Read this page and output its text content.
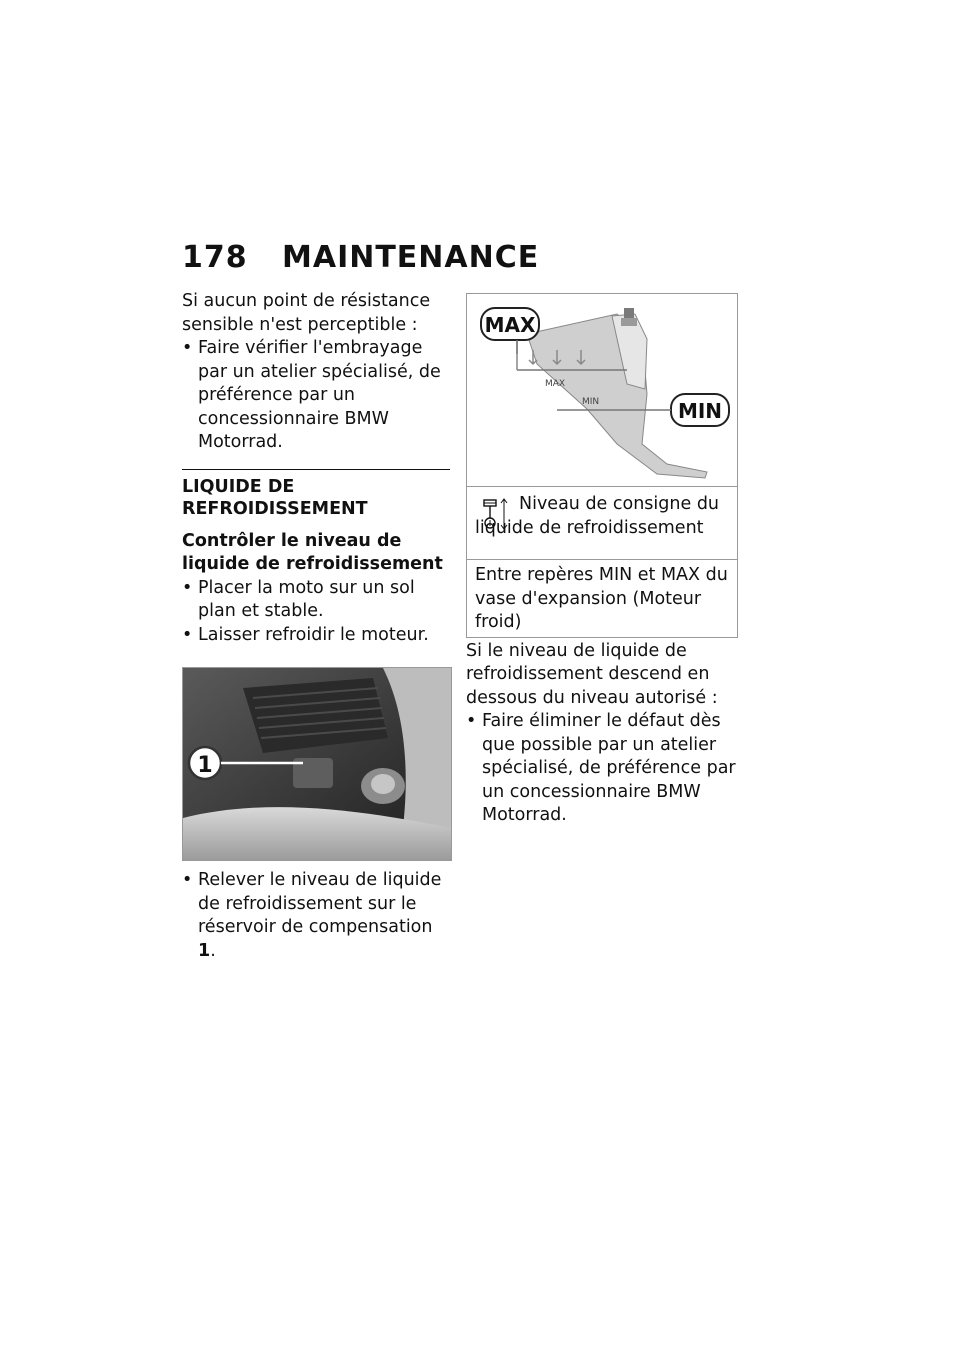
178 MAINTENANCE

Si aucun point de résistance sensible n'est perceptible :

• Faire vérifier l'embrayage par un atelier spécialisé, de préférence par un concessionnaire BMW Motorrad.
LIQUIDE DE REFROIDISSEMENT
Contrôler le niveau de liquide de refroidissement
• Placer la moto sur un sol plan et stable.
• Laisser refroidir le moteur.
1
• Relever le niveau de liquide de refroidissement sur le réservoir de compensation 1.
MAX
MIN
MAX
MIN

Niveau de consigne du liquide de refroidissement

Entre repères MIN et MAX du vase d'expansion (Moteur froid)

Si le niveau de liquide de refroidissement descend en dessous du niveau autorisé :

• Faire éliminer le défaut dès que possible par un atelier spécialisé, de préférence par un concessionnaire BMW Motorrad.
